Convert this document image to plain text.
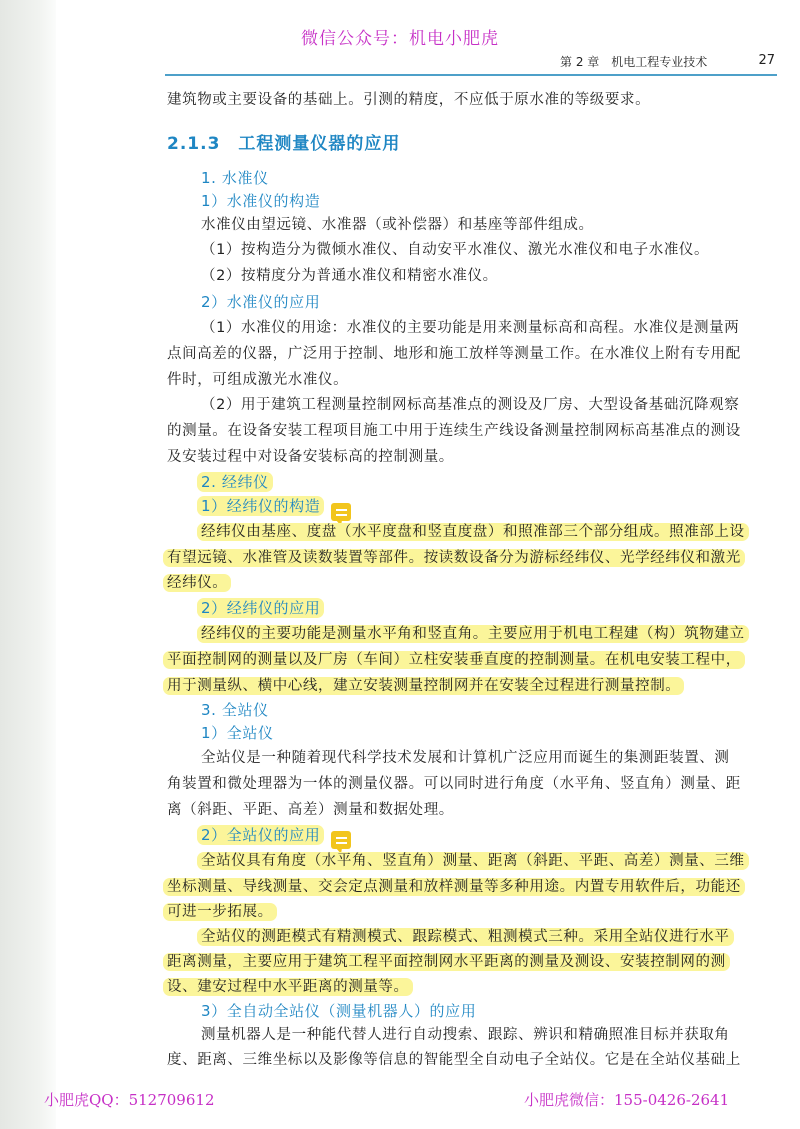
微信公众号：机电小肥虎
第 2 章　机电工程专业技术	27
建筑物或主要设备的基础上。引测的精度，不应低于原水准的等级要求。
2.1.3　工程测量仪器的应用
1. 水准仪
1）水准仪的构造
水准仪由望远镜、水准器（或补偿器）和基座等部件组成。
（1）按构造分为微倾水准仪、自动安平水准仪、激光水准仪和电子水准仪。
（2）按精度分为普通水准仪和精密水准仪。
2）水准仪的应用
（1）水准仪的用途：水准仪的主要功能是用来测量标高和高程。水准仪是测量两
点间高差的仪器，广泛用于控制、地形和施工放样等测量工作。在水准仪上附有专用配
件时，可组成激光水准仪。
（2）用于建筑工程测量控制网标高基准点的测设及厂房、大型设备基础沉降观察
的测量。在设备安装工程项目施工中用于连续生产线设备测量控制网标高基准点的测设
及安装过程中对设备安装标高的控制测量。
2. 经纬仪
1）经纬仪的构造
经纬仪由基座、度盘（水平度盘和竖直度盘）和照准部三个部分组成。照准部上设
有望远镜、水准管及读数装置等部件。按读数设备分为游标经纬仪、光学经纬仪和激光
经纬仪。
2）经纬仪的应用
经纬仪的主要功能是测量水平角和竖直角。主要应用于机电工程建（构）筑物建立
平面控制网的测量以及厂房（车间）立柱安装垂直度的控制测量。在机电安装工程中，
用于测量纵、横中心线，建立安装测量控制网并在安装全过程进行测量控制。
3. 全站仪
1）全站仪
全站仪是一种随着现代科学技术发展和计算机广泛应用而诞生的集测距装置、测
角装置和微处理器为一体的测量仪器。可以同时进行角度（水平角、竖直角）测量、距
离（斜距、平距、高差）测量和数据处理。
2）全站仪的应用
全站仪具有角度（水平角、竖直角）测量、距离（斜距、平距、高差）测量、三维
坐标测量、导线测量、交会定点测量和放样测量等多种用途。内置专用软件后，功能还
可进一步拓展。
全站仪的测距模式有精测模式、跟踪模式、粗测模式三种。采用全站仪进行水平
距离测量，主要应用于建筑工程平面控制网水平距离的测量及测设、安装控制网的测
设、建安过程中水平距离的测量等。
3）全自动全站仪（测量机器人）的应用
测量机器人是一种能代替人进行自动搜索、跟踪、辨识和精确照准目标并获取角
度、距离、三维坐标以及影像等信息的智能型全自动电子全站仪。它是在全站仪基础上
小肥虎QQ：512709612	小肥虎微信：155-0426-2641
